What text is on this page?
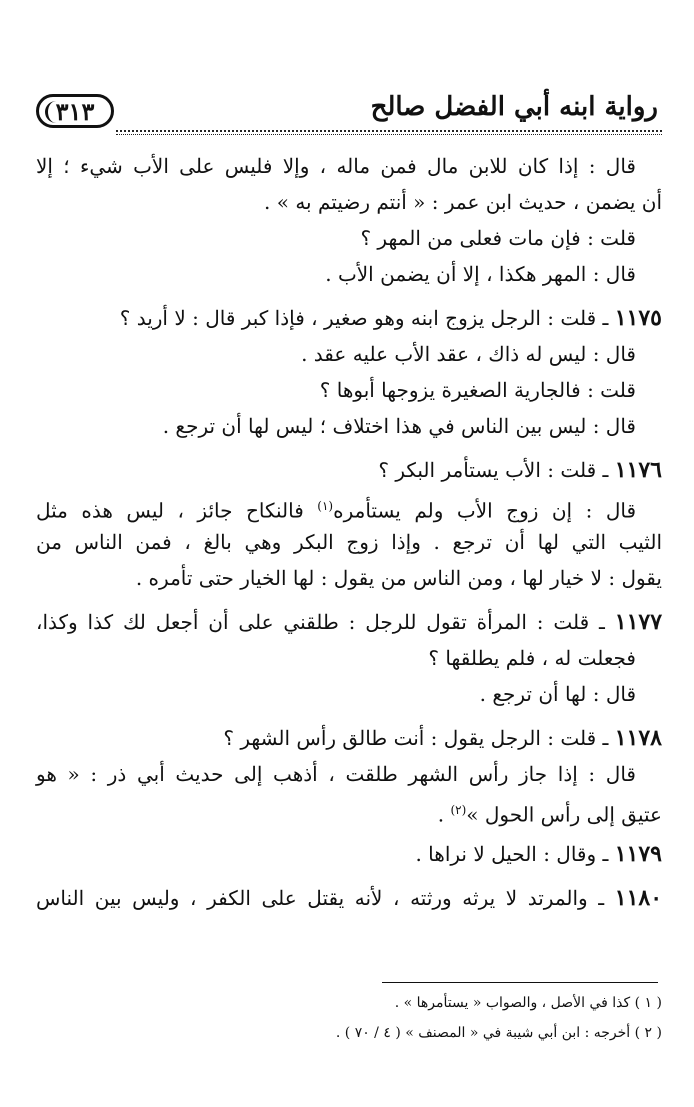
٣١٣	رواية ابنه أبي الفضل صالح
قال : إذا كان للابن مال فمن ماله ، وإلا فليس على الأب شيء ؛ إلا
أن يضمن ، حديث ابن عمر : « أنتم رضيتم به » .
قلت : فإن مات فعلى من المهر ؟
قال : المهر هكذا ، إلا أن يضمن الأب .
١١٧٥ ـ قلت : الرجل يزوج ابنه وهو صغير ، فإذا كبر قال : لا أريد ؟
قال : ليس له ذاك ، عقد الأب عليه عقد .
قلت : فالجارية الصغيرة يزوجها أبوها ؟
قال : ليس بين الناس في هذا اختلاف ؛ ليس لها أن ترجع .
١١٧٦ ـ قلت : الأب يستأمر البكر ؟
قال : إن زوج الأب ولم يستأمره$^{(١)}$ فالنكاح جائز ، ليس هذه مثل
الثيب التي لها أن ترجع . وإذا زوج البكر وهي بالغ ، فمن الناس من
يقول : لا خيار لها ، ومن الناس من يقول : لها الخيار حتى تأمره .
١١٧٧ ـ قلت : المرأة تقول للرجل : طلقني على أن أجعل لك كذا وكذا،
فجعلت له ، فلم يطلقها ؟
قال : لها أن ترجع .
١١٧٨ ـ قلت : الرجل يقول : أنت طالق رأس الشهر ؟
قال : إذا جاز رأس الشهر طلقت ، أذهب إلى حديث أبي ذر : « هو
عتيق إلى رأس الحول »$^{(٢)}$ .
١١٧٩ ـ وقال : الحيل لا نراها .
١١٨٠ ـ والمرتد لا يرثه ورثته ، لأنه يقتل على الكفر ، وليس بين الناس
( ١ ) كذا في الأصل ، والصواب « يستأمرها » .
( ٢ ) أخرجه : ابن أبي شيبة في « المصنف » ( ٤ / ٧٠ ) .
